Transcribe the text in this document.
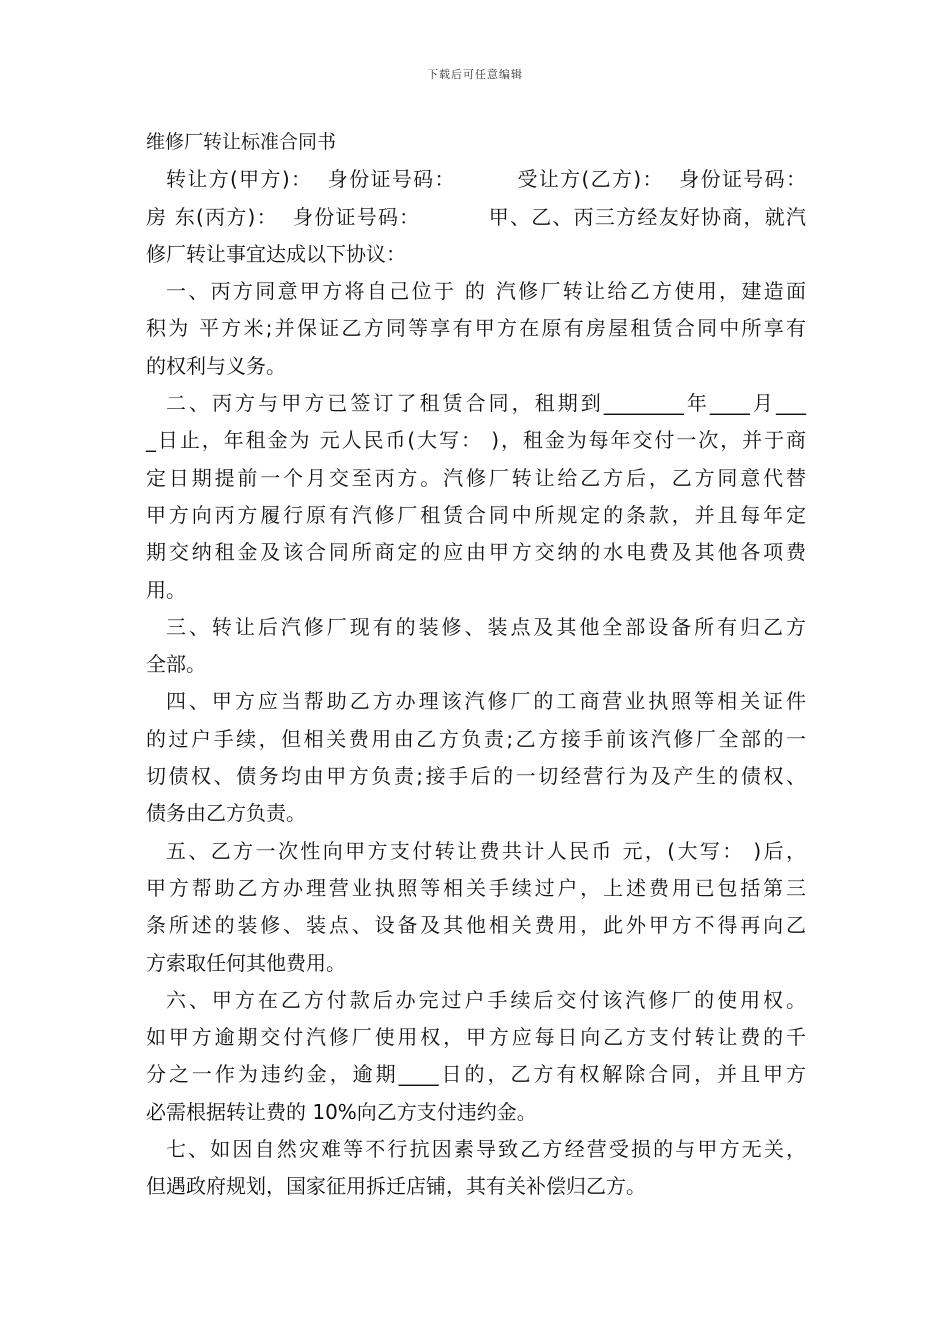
下载后可任意编辑
维修厂转让标准合同书
转让方(甲方)：  身份证号码：        受让方(乙方)：  身份证号码：
房 东(丙方)：  身份证号码：         甲、乙、丙三方经友好协商，就汽
修厂转让事宜达成以下协议：
一、丙方同意甲方将自己位于 的 汽修厂转让给乙方使用，建造面
积为 平方米;并保证乙方同等享有甲方在原有房屋租赁合同中所享有
的权利与义务。
二、丙方与甲方已签订了租赁合同，租期到________年____月___
_日止，年租金为 元人民币(大写： )，租金为每年交付一次，并于商
定日期提前一个月交至丙方。汽修厂转让给乙方后，乙方同意代替
甲方向丙方履行原有汽修厂租赁合同中所规定的条款，并且每年定
期交纳租金及该合同所商定的应由甲方交纳的水电费及其他各项费
用。
三、转让后汽修厂现有的装修、装点及其他全部设备所有归乙方
全部。
四、甲方应当帮助乙方办理该汽修厂的工商营业执照等相关证件
的过户手续，但相关费用由乙方负责;乙方接手前该汽修厂全部的一
切债权、债务均由甲方负责;接手后的一切经营行为及产生的债权、
债务由乙方负责。
五、乙方一次性向甲方支付转让费共计人民币 元，(大写： )后，
甲方帮助乙方办理营业执照等相关手续过户，上述费用已包括第三
条所述的装修、装点、设备及其他相关费用，此外甲方不得再向乙
方索取任何其他费用。
六、甲方在乙方付款后办完过户手续后交付该汽修厂的使用权。
如甲方逾期交付汽修厂使用权，甲方应每日向乙方支付转让费的千
分之一作为违约金，逾期____日的，乙方有权解除合同，并且甲方
必需根据转让费的 10%向乙方支付违约金。
七、如因自然灾难等不行抗因素导致乙方经营受损的与甲方无关，
但遇政府规划，国家征用拆迁店铺，其有关补偿归乙方。
